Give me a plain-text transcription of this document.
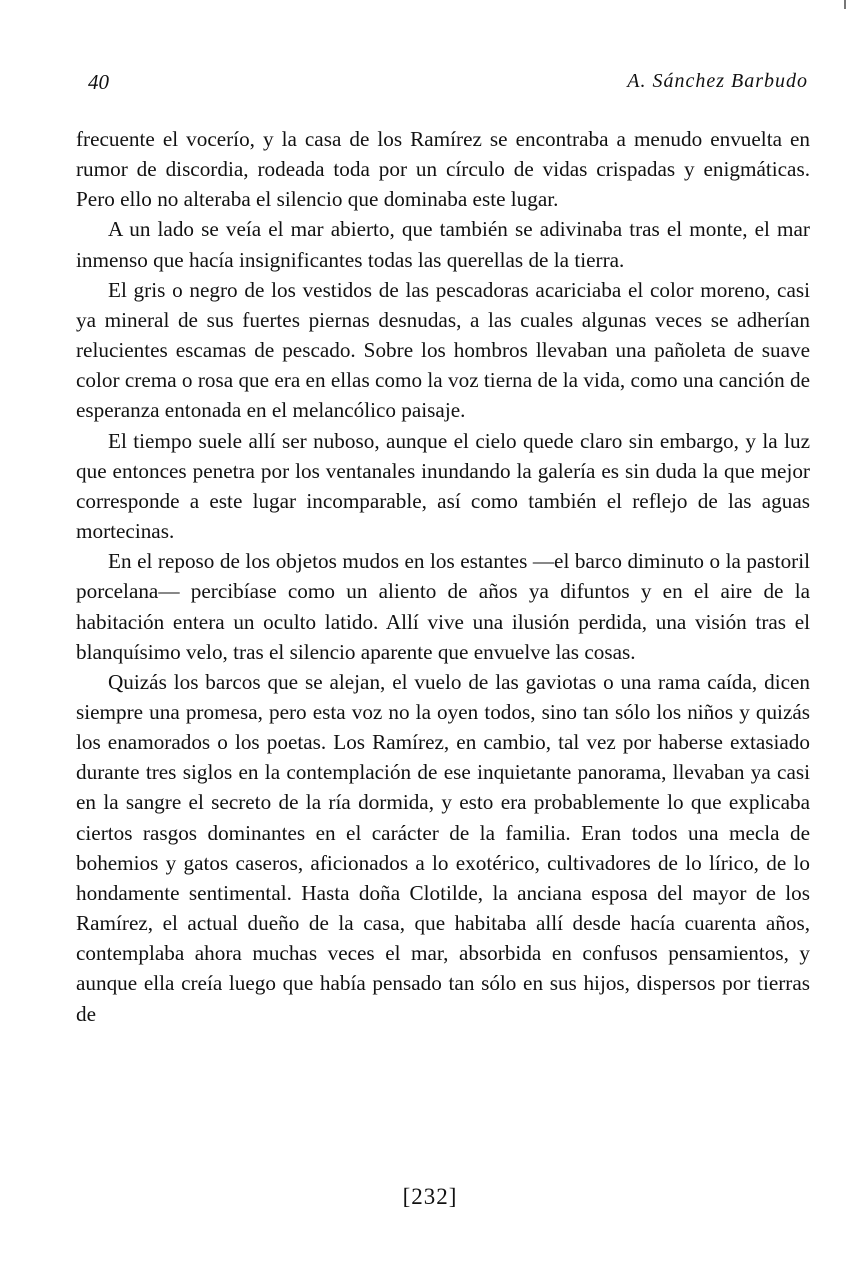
40	A. Sánchez Barbudo

frecuente el vocerío, y la casa de los Ramírez se encontraba a menudo envuelta en rumor de discordia, rodeada toda por un círculo de vidas crispadas y enigmáticas. Pero ello no alteraba el silencio que dominaba este lugar.

A un lado se veía el mar abierto, que también se adivinaba tras el monte, el mar inmenso que hacía insignificantes todas las querellas de la tierra.

El gris o negro de los vestidos de las pescadoras acariciaba el color moreno, casi ya mineral de sus fuertes piernas desnudas, a las cuales algunas veces se adherían relucientes escamas de pescado. Sobre los hombros llevaban una pañoleta de suave color crema o rosa que era en ellas como la voz tierna de la vida, como una canción de esperanza entonada en el melancólico paisaje.

El tiempo suele allí ser nuboso, aunque el cielo quede claro sin embargo, y la luz que entonces penetra por los ventanales inundando la galería es sin duda la que mejor corresponde a este lugar incomparable, así como también el reflejo de las aguas mortecinas.

En el reposo de los objetos mudos en los estantes —el barco diminuto o la pastoril porcelana— percibíase como un aliento de años ya difuntos y en el aire de la habitación entera un oculto latido. Allí vive una ilusión perdida, una visión tras el blanquísimo velo, tras el silencio aparente que envuelve las cosas.

Quizás los barcos que se alejan, el vuelo de las gaviotas o una rama caída, dicen siempre una promesa, pero esta voz no la oyen todos, sino tan sólo los niños y quizás los enamorados o los poetas. Los Ramírez, en cambio, tal vez por haberse extasiado durante tres siglos en la contemplación de ese inquietante panorama, llevaban ya casi en la sangre el secreto de la ría dormida, y esto era probablemente lo que explicaba ciertos rasgos dominantes en el carácter de la familia. Eran todos una mecla de bohemios y gatos caseros, aficionados a lo exotérico, cultivadores de lo lírico, de lo hondamente sentimental. Hasta doña Clotilde, la anciana esposa del mayor de los Ramírez, el actual dueño de la casa, que habitaba allí desde hacía cuarenta años, contemplaba ahora muchas veces el mar, absorbida en confusos pensamientos, y aunque ella creía luego que había pensado tan sólo en sus hijos, dispersos por tierras de

[232]
